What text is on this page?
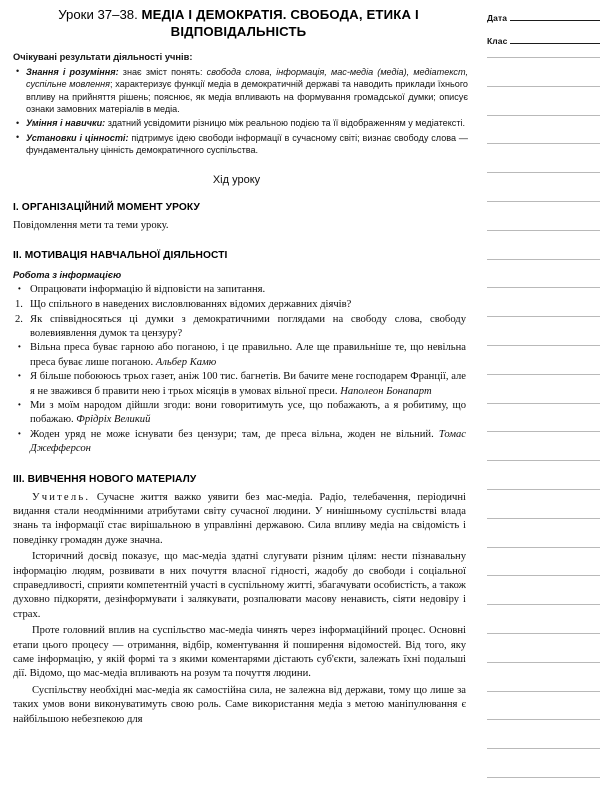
Дата
Клас
Уроки 37–38. МЕДІА І ДЕМОКРАТІЯ. СВОБОДА, ЕТИКА І ВІДПОВІДАЛЬНІСТЬ
Очікувані результати діяльності учнів:
• Знання і розуміння: знає зміст понять: свобода слова, інформація, мас-медіа (медіа), медіатекст, суспільне мовлення; характеризує функції медіа в демократичній державі та наводить приклади їхнього впливу на прийняття рішень; пояснює, як медіа впливають на формування громадської думки; описує ознаки замовних матеріалів в медіа.
• Уміння і навички: здатний усвідомити різницю між реальною подією та її відображенням у медіатексті.
• Установки і цінності: підтримує ідею свободи інформації в сучасному світі; визнає свободу слова — фундаментальну цінність демократичного суспільства.
Хід уроку
I. ОРГАНІЗАЦІЙНИЙ МОМЕНТ УРОКУ

Повідомлення мети та теми уроку.

II. МОТИВАЦІЯ НАВЧАЛЬНОЇ ДІЯЛЬНОСТІ
Робота з інформацією
• Опрацювати інформацію й відповісти на запитання.
1. Що спільного в наведених висловлюваннях відомих державних діячів?
2. Як співвідносяться ці думки з демократичними поглядами на свободу слова, свободу волевиявлення думок та цензуру?
• Вільна преса буває гарною або поганою, і це правильно. Але ще правильніше те, що невільна преса буває лише поганою. Альбер Камю
• Я більше побоююсь трьох газет, аніж 100 тис. багнетів. Ви бачите мене господарем Франції, але я не зважився б правити нею і трьох місяців в умовах вільної преси. Наполеон Бонапарт
• Ми з моїм народом дійшли згоди: вони говоритимуть усе, що побажають, а я робитиму, що побажаю. Фрідріх Великий
• Жоден уряд не може існувати без цензури; там, де преса вільна, жоден не вільний. Томас Джефферсон
III. ВИВЧЕННЯ НОВОГО МАТЕРІАЛУ

Учитель. Сучасне життя важко уявити без мас-медіа. Радіо, телебачення, періодичні видання стали неодмінними атрибутами світу сучасної людини. У нинішньому суспільстві влада знань та інформації стає вирішальною в управлінні державою. Сила впливу медіа на свідомість і поведінку громадян дуже значна.

Історичний досвід показує, що мас-медіа здатні слугувати різним цілям: нести пізнавальну інформацію людям, розвивати в них почуття власної гідності, жадобу до свободи і соціальної справедливості, сприяти компетентній участі в суспільному житті, збагачувати особистість, а також духовно підкоряти, дезінформувати і залякувати, розпалювати масову ненависть, сіяти недовіру і страх.

Проте головний вплив на суспільство мас-медіа чинять через інформаційний процес. Основні етапи цього процесу — отримання, відбір, коментування й поширення відомостей. Від того, яку саме інформацію, у якій формі та з якими коментарями дістають суб'єкти, залежать їхні подальші дії. Відомо, що мас-медіа впливають на розум та почуття людини.

Суспільству необхідні мас-медіа як самостійна сила, не залежна від держави, тому що лише за таких умов вони виконуватимуть свою роль. Саме використання медіа з метою маніпулювання є найбільшою небезпекою для
